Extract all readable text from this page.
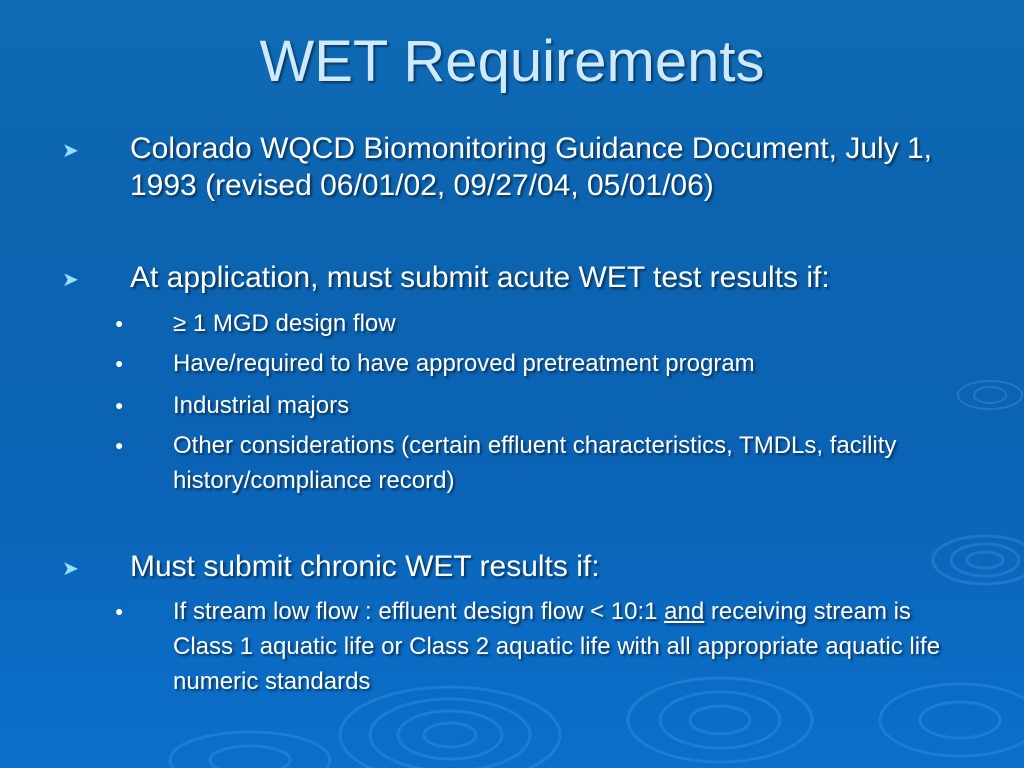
WET Requirements
➤ Colorado WQCD Biomonitoring Guidance Document, July 1, 1993 (revised 06/01/02, 09/27/04, 05/01/06)
➤ At application, must submit acute WET test results if:
● ≥ 1 MGD design flow
● Have/required to have approved pretreatment program
● Industrial majors
● Other considerations (certain effluent characteristics, TMDLs, facility history/compliance record)
➤ Must submit chronic WET results if:
● If stream low flow : effluent design flow < 10:1 and receiving stream is Class 1 aquatic life or Class 2 aquatic life with all appropriate aquatic life numeric standards
